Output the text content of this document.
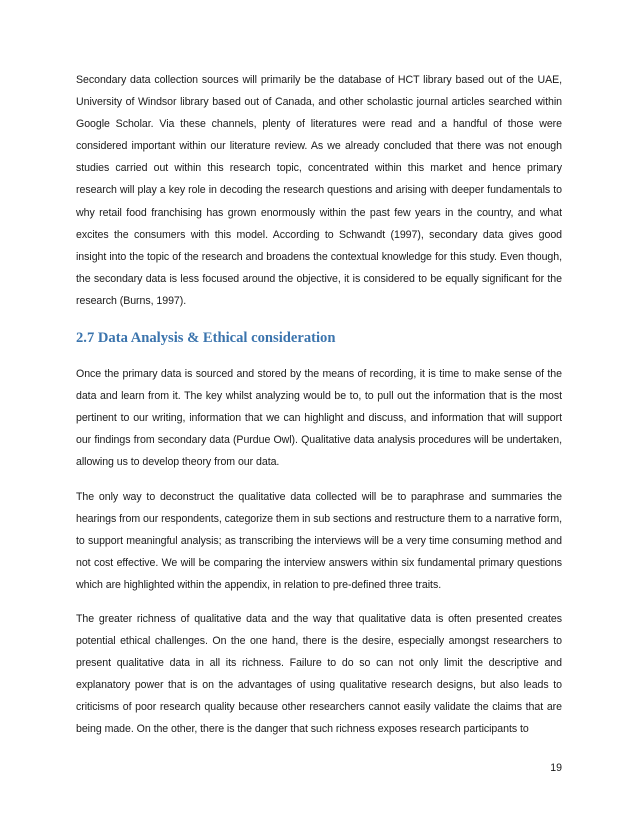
Secondary data collection sources will primarily be the database of HCT library based out of the UAE, University of Windsor library based out of Canada, and other scholastic journal articles searched within Google Scholar. Via these channels, plenty of literatures were read and a handful of those were considered important within our literature review. As we already concluded that there was not enough studies carried out within this research topic, concentrated within this market and hence primary research will play a key role in decoding the research questions and arising with deeper fundamentals to why retail food franchising has grown enormously within the past few years in the country, and what excites the consumers with this model. According to Schwandt (1997), secondary data gives good insight into the topic of the research and broadens the contextual knowledge for this study. Even though, the secondary data is less focused around the objective, it is considered to be equally significant for the research (Burns, 1997).

2.7 Data Analysis & Ethical consideration

Once the primary data is sourced and stored by the means of recording, it is time to make sense of the data and learn from it. The key whilst analyzing would be to, to pull out the information that is the most pertinent to our writing, information that we can highlight and discuss, and information that will support our findings from secondary data (Purdue Owl). Qualitative data analysis procedures will be undertaken, allowing us to develop theory from our data.

The only way to deconstruct the qualitative data collected will be to paraphrase and summaries the hearings from our respondents, categorize them in sub sections and restructure them to a narrative form, to support meaningful analysis; as transcribing the interviews will be a very time consuming method and not cost effective. We will be comparing the interview answers within six fundamental primary questions which are highlighted within the appendix, in relation to pre-defined three traits.

The greater richness of qualitative data and the way that qualitative data is often presented creates potential ethical challenges. On the one hand, there is the desire, especially amongst researchers to present qualitative data in all its richness. Failure to do so can not only limit the descriptive and explanatory power that is on the advantages of using qualitative research designs, but also leads to criticisms of poor research quality because other researchers cannot easily validate the claims that are being made. On the other, there is the danger that such richness exposes research participants to

19
